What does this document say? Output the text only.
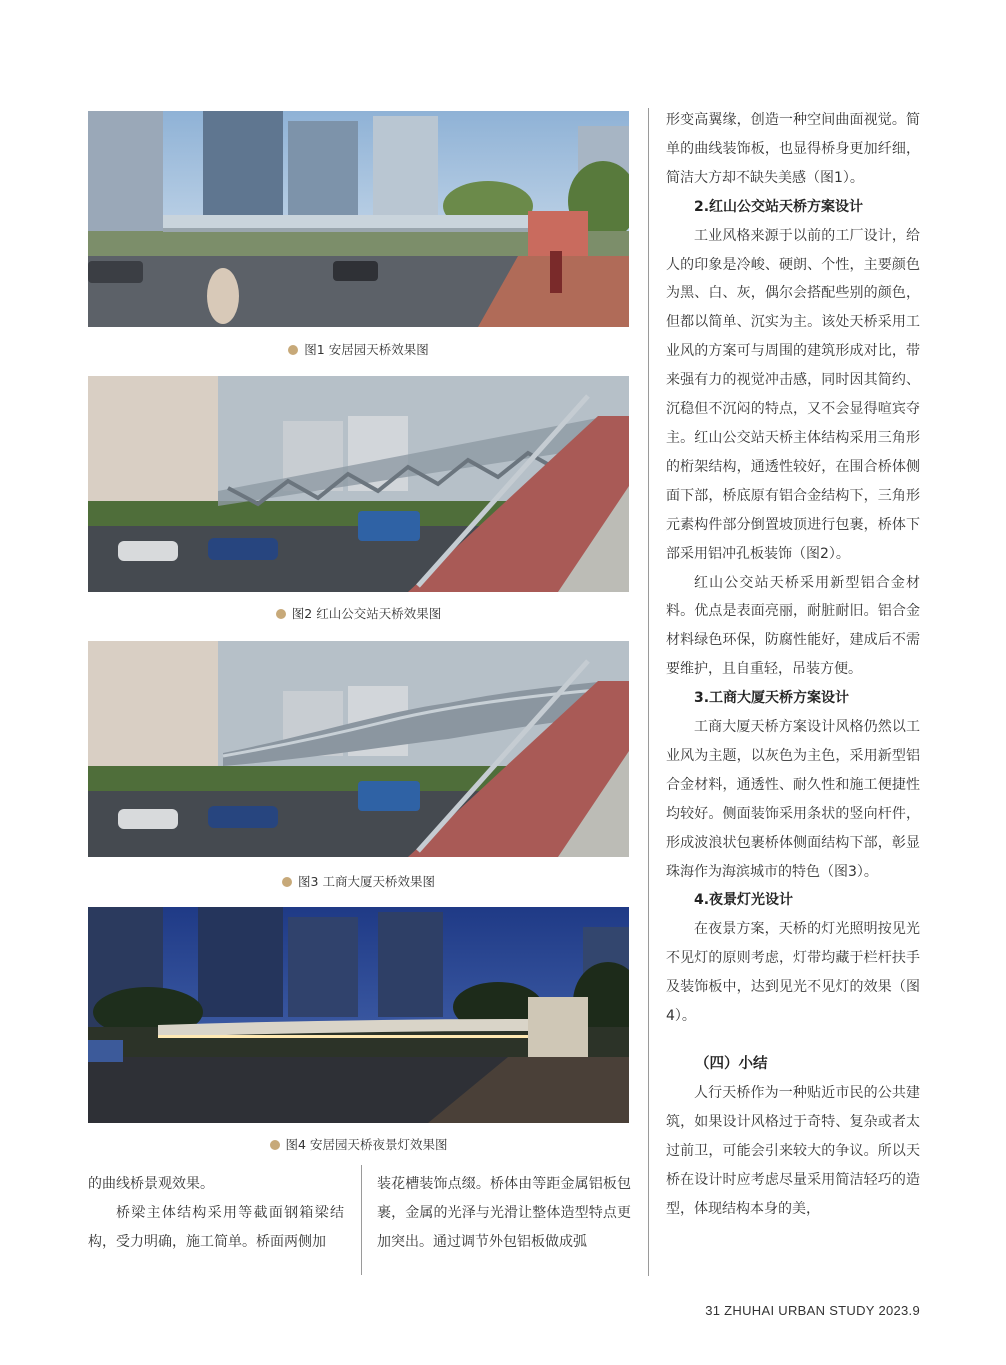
图1 安居园天桥效果图
图2 红山公交站天桥效果图
图3 工商大厦天桥效果图
图4 安居园天桥夜景灯效果图

形变高翼缘，创造一种空间曲面视觉。简单的曲线装饰板，也显得桥身更加纤细，简洁大方却不缺失美感（图1）。

2.红山公交站天桥方案设计

工业风格来源于以前的工厂设计，给人的印象是冷峻、硬朗、个性，主要颜色为黑、白、灰，偶尔会搭配些别的颜色，但都以简单、沉实为主。该处天桥采用工业风的方案可与周围的建筑形成对比，带来强有力的视觉冲击感，同时因其简约、沉稳但不沉闷的特点，又不会显得喧宾夺主。红山公交站天桥主体结构采用三角形的桁架结构，通透性较好，在围合桥体侧面下部，桥底原有铝合金结构下，三角形元素构件部分倒置坡顶进行包裹，桥体下部采用铝冲孔板装饰（图2）。

红山公交站天桥采用新型铝合金材料。优点是表面亮丽，耐脏耐旧。铝合金材料绿色环保，防腐性能好，建成后不需要维护，且自重轻，吊装方便。

3.工商大厦天桥方案设计

工商大厦天桥方案设计风格仍然以工业风为主题，以灰色为主色，采用新型铝合金材料，通透性、耐久性和施工便捷性均较好。侧面装饰采用条状的竖向杆件，形成波浪状包裹桥体侧面结构下部，彰显珠海作为海滨城市的特色（图3）。

4.夜景灯光设计

在夜景方案，天桥的灯光照明按见光不见灯的原则考虑，灯带均藏于栏杆扶手及装饰板中，达到见光不见灯的效果（图4）。

（四）小结

人行天桥作为一种贴近市民的公共建筑，如果设计风格过于奇特、复杂或者太过前卫，可能会引来较大的争议。所以天桥在设计时应考虑尽量采用简洁轻巧的造型，体现结构本身的美，

的曲线桥景观效果。

桥梁主体结构采用等截面钢箱梁结构，受力明确，施工简单。桥面两侧加

装花槽装饰点缀。桥体由等距金属铝板包裹，金属的光泽与光滑让整体造型特点更加突出。通过调节外包铝板做成弧

31 ZHUHAI URBAN STUDY 2023.9
